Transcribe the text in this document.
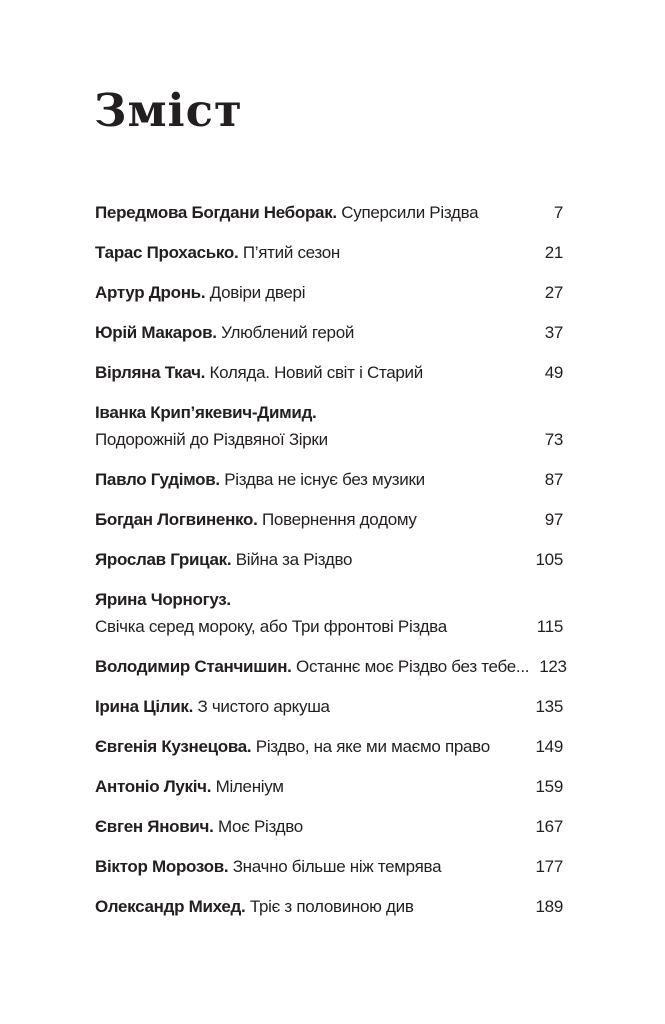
Зміст
Передмова Богдани Неборак. Суперсили Різдва	7
Тарас Прохасько. П’ятий сезон	21
Артур Дронь. Довіри двері	27
Юрій Макаров. Улюблений герой	37
Вірляна Ткач. Коляда. Новий світ і Старий	49
Іванка Крип’якевич-Димид.
Подорожній до Різдвяної Зірки	73
Павло Гудімов. Різдва не існує без музики	87
Богдан Логвиненко. Повернення додому	97
Ярослав Грицак. Війна за Різдво	105
Ярина Чорногуз.
Свічка серед мороку, або Три фронтові Різдва	115
Володимир Станчишин. Останнє моє Різдво без тебе... 123
Ірина Цілик. З чистого аркуша	135
Євгенія Кузнецова. Різдво, на яке ми маємо право	149
Антоніо Лукіч. Міленіум	159
Євген Янович. Моє Різдво	167
Віктор Морозов. Значно більше ніж темрява	177
Олександр Михед. Тріє з половиною див	189
